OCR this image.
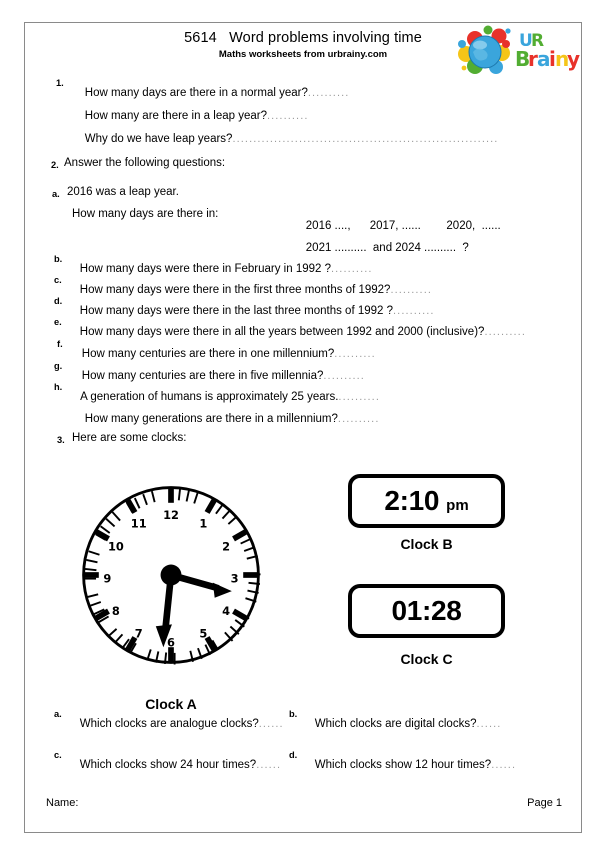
5614   Word problems involving time
Maths worksheets from urbrainy.com
U
R
B
r a
i n
y
1.

How many days are there in a normal year?..........

How many are there in a leap year?..........

Why do we have leap years?................................................................

2. Answer the following questions:
a. 2016 was a leap year.
How many days are there in:

2016 ....,      2017, ......        2020,  ......

2021 ..........  and 2024 ..........  ?

b.

How many days were there in February in 1992 ?..........

c.

How many days were there in the first three months of 1992?..........

d.

How many days were there in the last three months of 1992 ?..........

e.

How many days were there in all the years between 1992 and 2000 (inclusive)?..........

f.

How many centuries are there in one millennium?..........

g.

How many centuries are there in five millennia?..........

h.

A generation of humans is approximately 25 years...........

How many generations are there in a millennium?..........

3. Here are some clocks:
12
1
2
3
4
5
6
7
8
9
10
11
Clock A
2:10 pm
Clock B
01:28
Clock C
a.

Which clocks are analogue clocks?......

b.

Which clocks are digital clocks?......

c.

Which clocks show 24 hour times?......

d.

Which clocks show 12 hour times?......

Name:	Page 1
